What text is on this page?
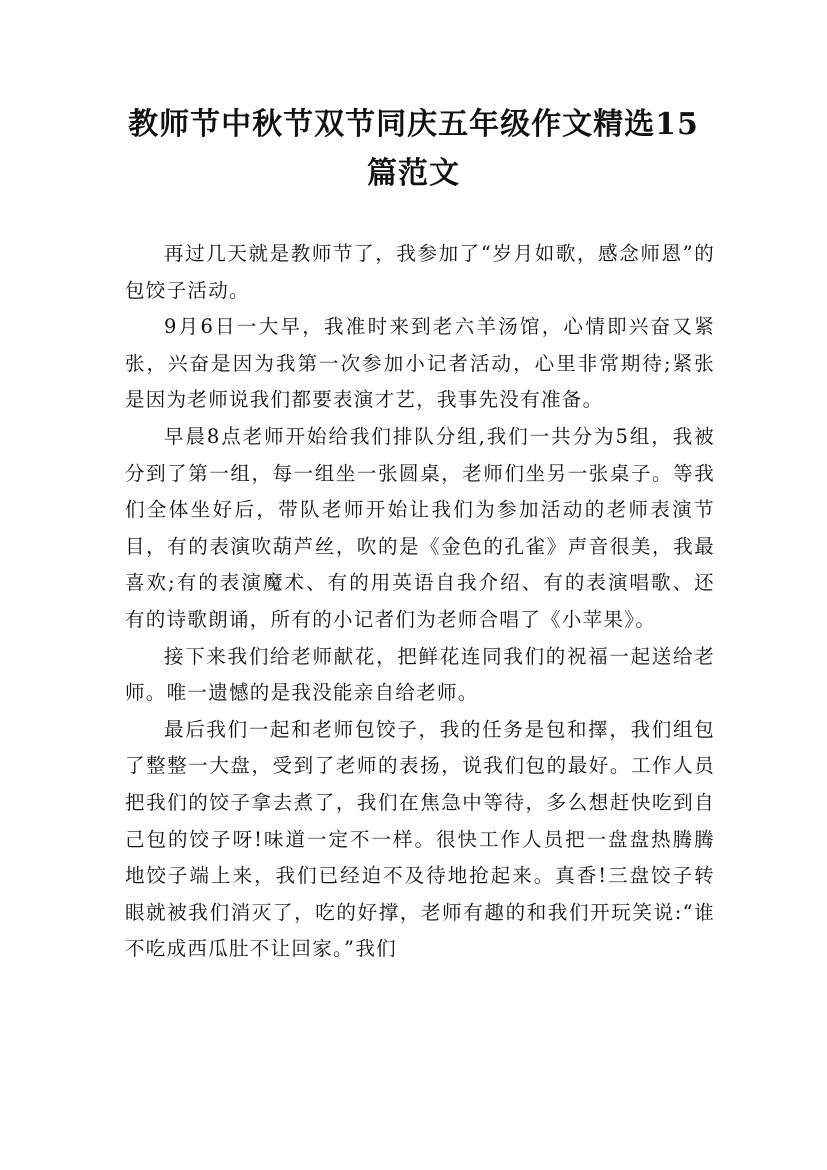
教师节中秋节双节同庆五年级作文精选15
篇范文

再过几天就是教师节了，我参加了“岁月如歌，感念师恩”的包饺子活动。

9月6日一大早，我准时来到老六羊汤馆，心情即兴奋又紧张，兴奋是因为我第一次参加小记者活动，心里非常期待;紧张是因为老师说我们都要表演才艺，我事先没有准备。

早晨8点老师开始给我们排队分组,我们一共分为5组，我被分到了第一组，每一组坐一张圆桌，老师们坐另一张桌子。等我们全体坐好后，带队老师开始让我们为参加活动的老师表演节目，有的表演吹葫芦丝，吹的是《金色的孔雀》声音很美，我最喜欢;有的表演魔术、有的用英语自我介绍、有的表演唱歌、还有的诗歌朗诵，所有的小记者们为老师合唱了《小苹果》。

接下来我们给老师献花，把鲜花连同我们的祝福一起送给老师。唯一遗憾的是我没能亲自给老师。

最后我们一起和老师包饺子，我的任务是包和擇，我们组包了整整一大盘，受到了老师的表扬，说我们包的最好。工作人员把我们的饺子拿去煮了，我们在焦急中等待，多么想赶快吃到自己包的饺子呀!味道一定不一样。很快工作人员把一盘盘热腾腾地饺子端上来，我们已经迫不及待地抢起来。真香!三盘饺子转眼就被我们消灭了，吃的好撑，老师有趣的和我们开玩笑说:“谁不吃成西瓜肚不让回家。”我们
